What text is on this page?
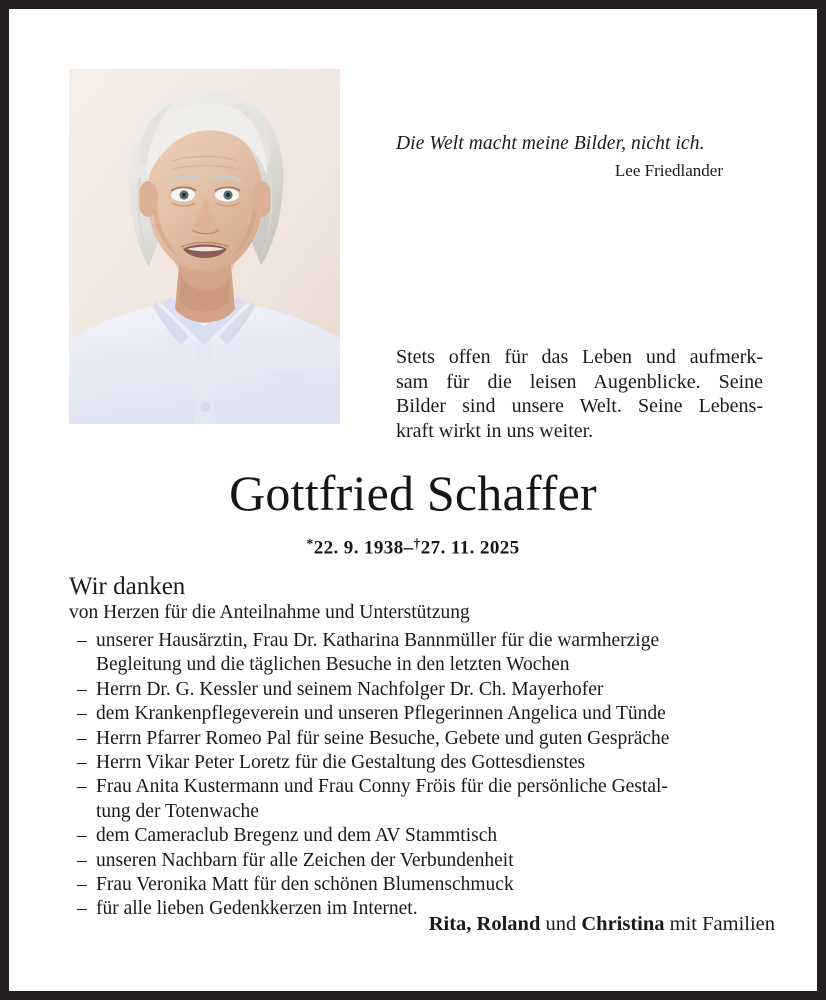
Die Welt macht meine Bilder, nicht ich.

Lee Friedlander

Stets offen für das Leben und aufmerk-
sam für die leisen Augenblicke. Seine
Bilder sind unsere Welt. Seine Lebens-
kraft wirkt in uns weiter.
Gottfried Schaffer
*22. 9. 1938–†27. 11. 2025
Wir danken
von Herzen für die Anteilnahme und Unterstützung
– unserer Hausärztin, Frau Dr. Katharina Bannmüller für die warmherzige
Begleitung und die täglichen Besuche in den letzten Wochen
– Herrn Dr. G. Kessler und seinem Nachfolger Dr. Ch. Mayerhofer
– dem Krankenpflegeverein und unseren Pflegerinnen Angelica und Tünde
– Herrn Pfarrer Romeo Pal für seine Besuche, Gebete und guten Gespräche
– Herrn Vikar Peter Loretz für die Gestaltung des Gottesdienstes
– Frau Anita Kustermann und Frau Conny Fröis für die persönliche Gestal-
tung der Totenwache
– dem Cameraclub Bregenz und dem AV Stammtisch
– unseren Nachbarn für alle Zeichen der Verbundenheit
– Frau Veronika Matt für den schönen Blumenschmuck
– für alle lieben Gedenkkerzen im Internet.
Rita, Roland und Christina mit Familien
